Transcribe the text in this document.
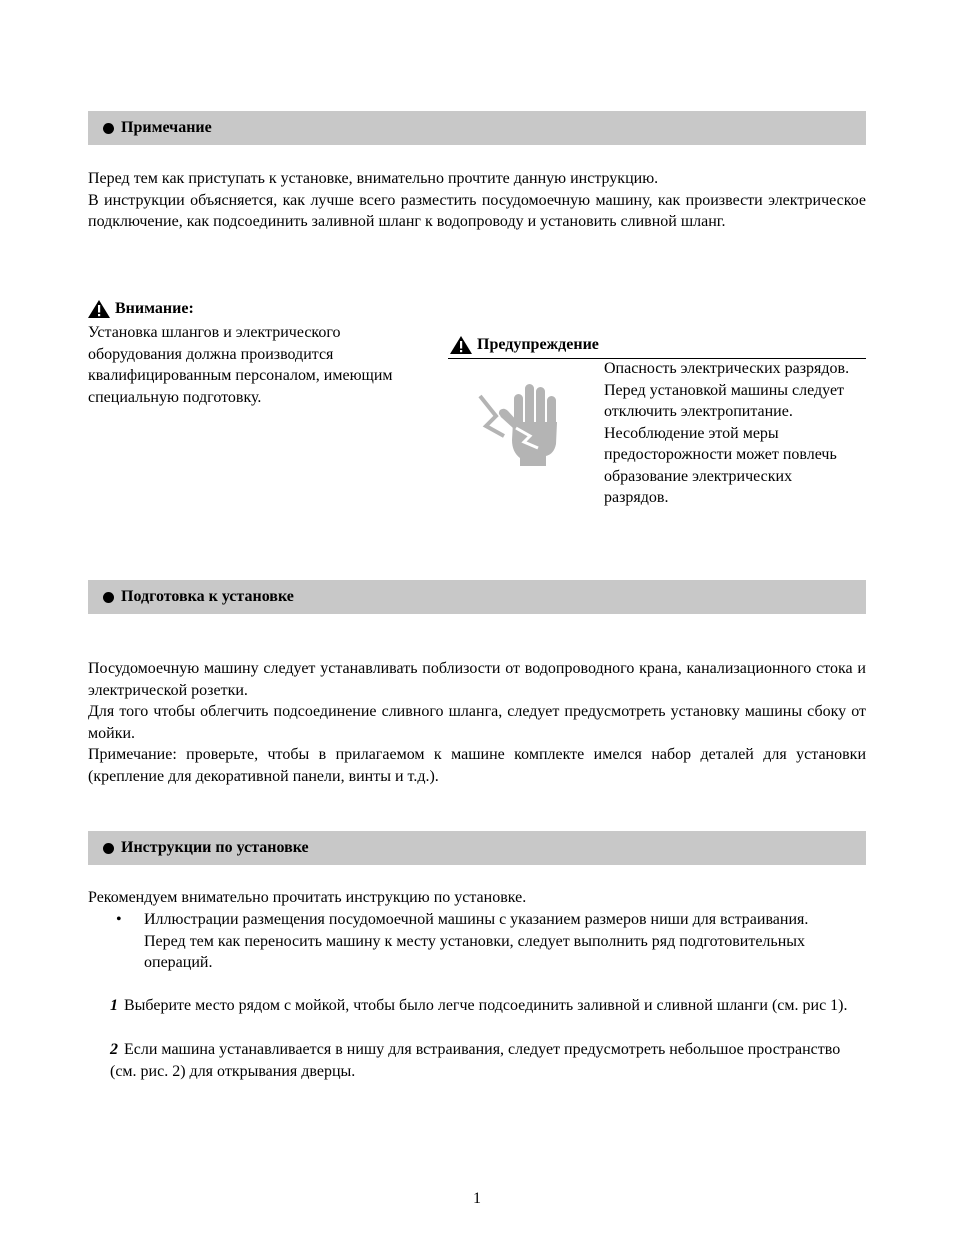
Примечание

Перед тем как приступать к установке, внимательно прочтите данную инструкцию.

В инструкции объясняется, как лучше всего разместить посудомоечную машину, как произвести электрическое подключение, как подсоединить заливной шланг к водопроводу и установить сливной шланг.

Внимание:
Установка шлангов и электрического оборудования должна производится квалифицированным персоналом, имеющим специальную подготовку.
Предупреждение

Опасность электрических разрядов.

Перед установкой машины следует отключить электропитание.

Несоблюдение этой меры предосторожности может повлечь образование электрических разрядов.

Подготовка к установке

Посудомоечную машину следует устанавливать поблизости от водопроводного крана, канализационного стока и электрической розетки.

Для того чтобы облегчить подсоединение сливного шланга, следует предусмотреть установку машины сбоку от мойки.

Примечание: проверьте, чтобы в прилагаемом к машине комплекте имелся набор деталей для установки (крепление для декоративной панели, винты и т.д.).

Инструкции по установке
Рекомендуем внимательно прочитать инструкцию по установке.
• Иллюстрации размещения посудомоечной машины с указанием размеров ниши для встраивания. Перед тем как переносить машину к месту установки, следует выполнить ряд подготовительных операций.
1 Выберите место рядом с мойкой, чтобы было легче подсоединить заливной и сливной шланги (см. рис 1).
2 Если машина устанавливается в нишу для встраивания, следует предусмотреть небольшое пространство (см. рис. 2) для открывания дверцы.
1
